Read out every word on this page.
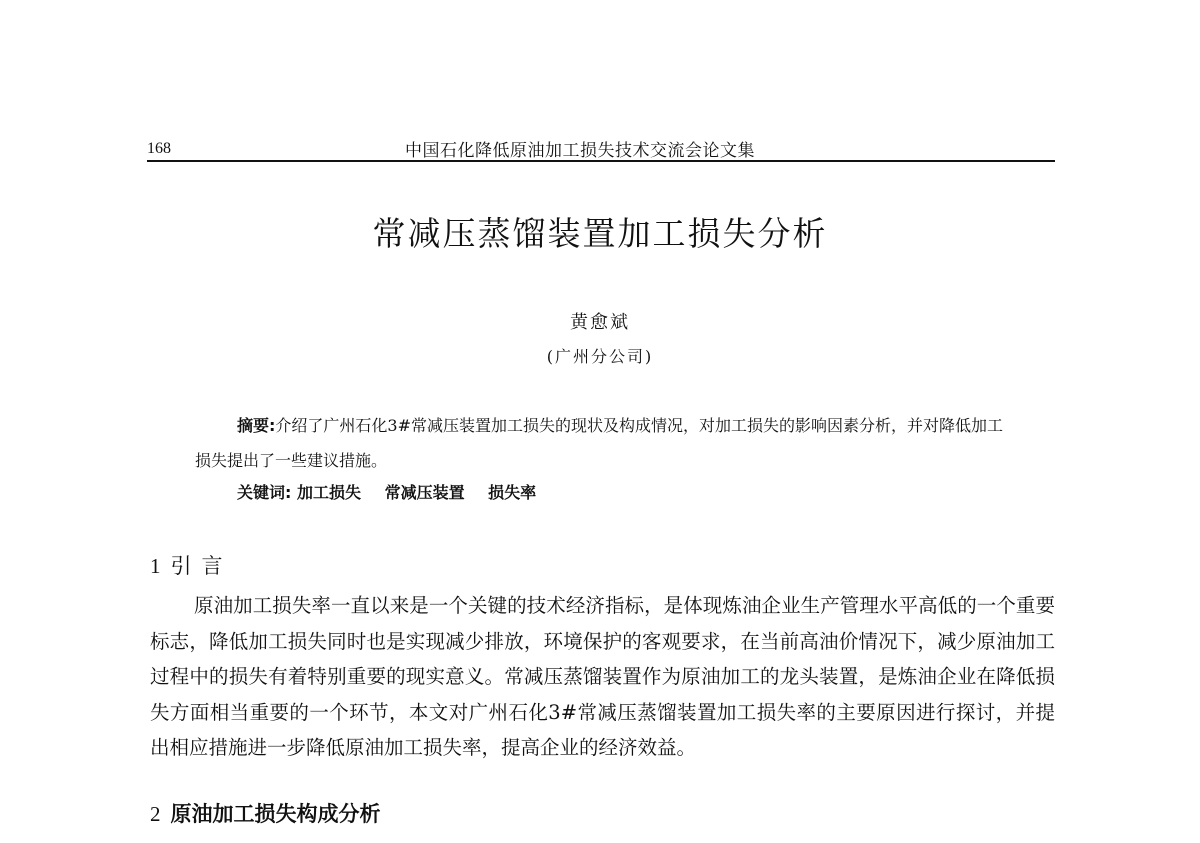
168	中国石化降低原油加工损失技术交流会论文集
常减压蒸馏装置加工损失分析
黄愈斌
(广州分公司)

摘要:介绍了广州石化3#常减压装置加工损失的现状及构成情况，对加工损失的影响因素分析，并对降低加工损失提出了一些建议措施。

关键词: 加工损失 常减压装置 损失率
1 引言

原油加工损失率一直以来是一个关键的技术经济指标，是体现炼油企业生产管理水平高低的一个重要标志，降低加工损失同时也是实现减少排放，环境保护的客观要求，在当前高油价情况下，减少原油加工过程中的损失有着特别重要的现实意义。常减压蒸馏装置作为原油加工的龙头装置，是炼油企业在降低损失方面相当重要的一个环节，本文对广州石化3#常减压蒸馏装置加工损失率的主要原因进行探讨，并提出相应措施进一步降低原油加工损失率，提高企业的经济效益。

2 原油加工损失构成分析
